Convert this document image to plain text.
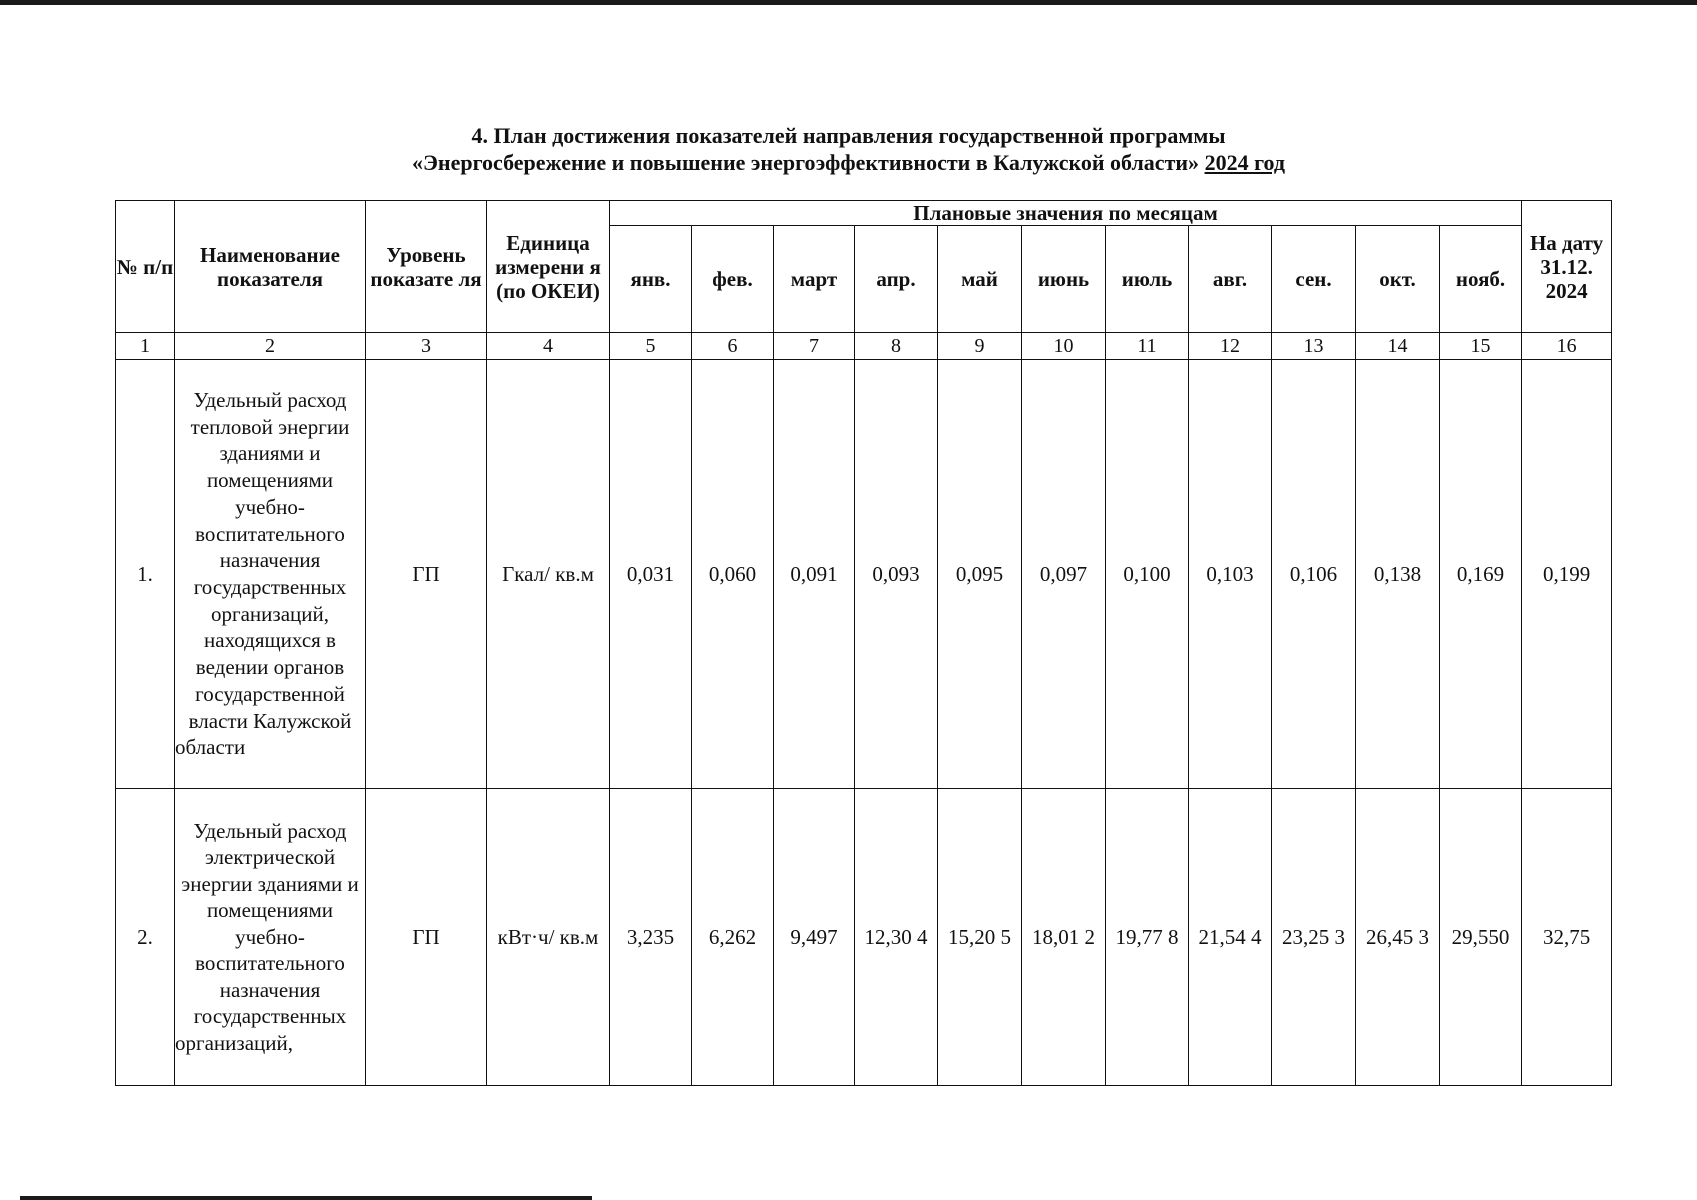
4. План достижения показателей направления государственной программы
«Энергосбережение и повышение энергоэффективности в Калужской области» 2024 год
№ п/п	Наименование показателя	Уровень показате ля	Единица измерени я (по ОКЕИ)	Плановые значения по месяцам											На дату 31.12. 2024
				янв.	фев.	март	апр.	май	июнь	июль	авг.	сен.	окт.	нояб.	
1	2	3	4	5	6	7	8	9	10	11	12	13	14	15	16
1.	Удельный расход тепловой энергии зданиями и помещениями учебно-воспитательного назначения государственных организаций, находящихся в ведении органов государственной власти Калужской области	ГП	Гкал/ кв.м	0,031	0,060	0,091	0,093	0,095	0,097	0,100	0,103	0,106	0,138	0,169	0,199
2.	Удельный расход электрической энергии зданиями и помещениями учебно-воспитательного назначения государственных организаций,	ГП	кВт·ч/ кв.м	3,235	6,262	9,497	12,30 4	15,20 5	18,01 2	19,77 8	21,54 4	23,25 3	26,45 3	29,550	32,75
